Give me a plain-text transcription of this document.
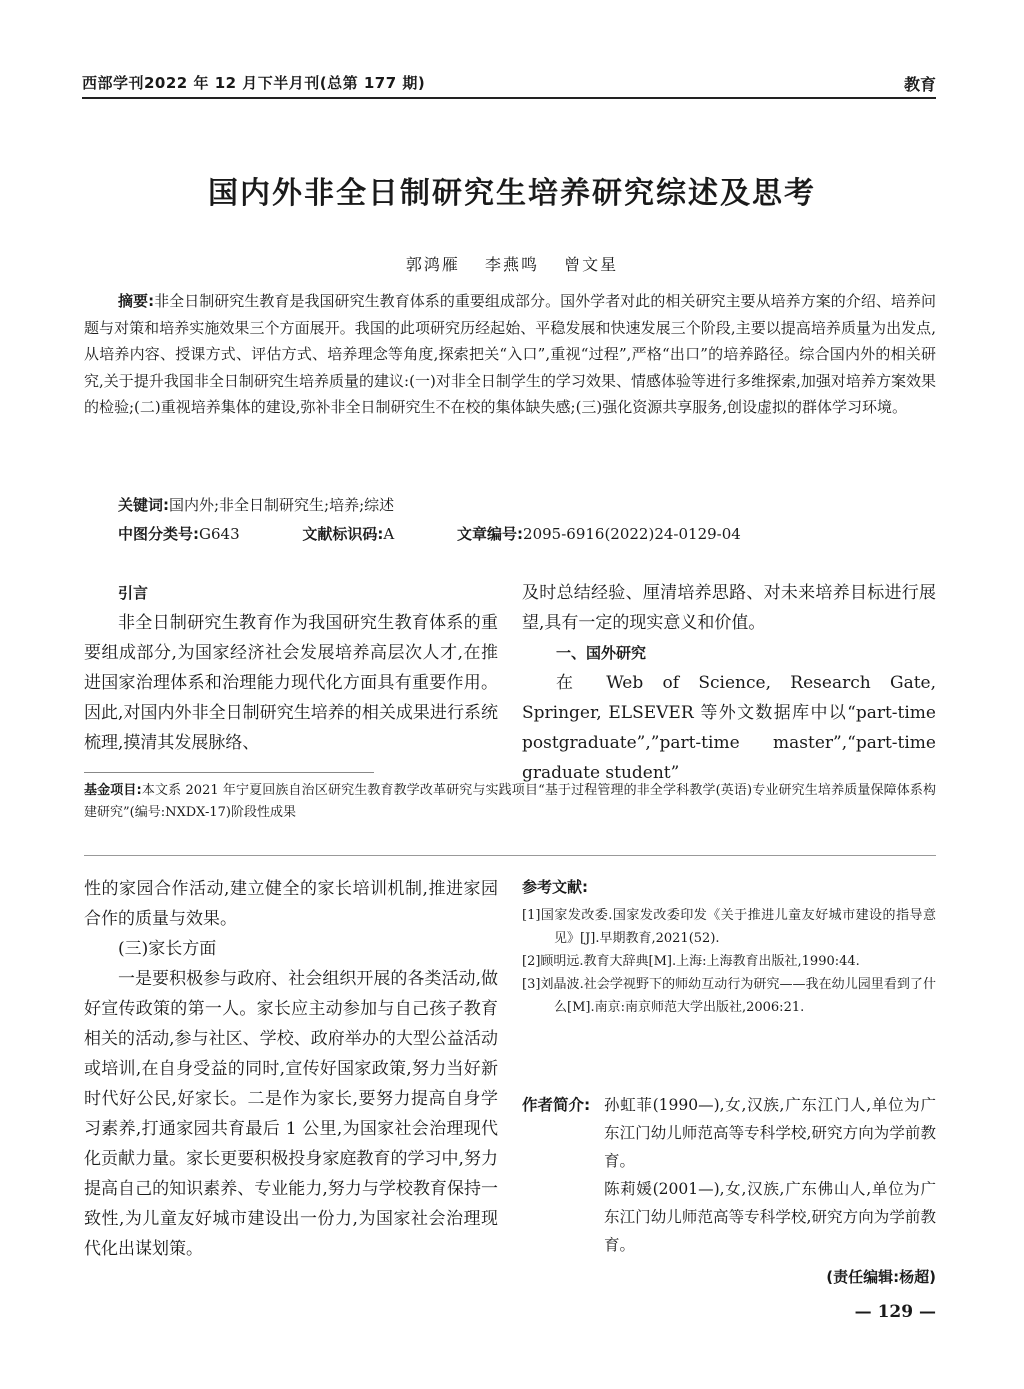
西部学刊2022 年 12 月下半月刊(总第 177 期)	教育
国内外非全日制研究生培养研究综述及思考
郭鸿雁 李燕鸣 曾文星
摘要:非全日制研究生教育是我国研究生教育体系的重要组成部分。国外学者对此的相关研究主要从培养方案的介绍、培养问题与对策和培养实施效果三个方面展开。我国的此项研究历经起始、平稳发展和快速发展三个阶段,主要以提高培养质量为出发点,从培养内容、授课方式、评估方式、培养理念等角度,探索把关“入口”,重视“过程”,严格“出口”的培养路径。综合国内外的相关研究,关于提升我国非全日制研究生培养质量的建议:(一)对非全日制学生的学习效果、情感体验等进行多维探索,加强对培养方案效果的检验;(二)重视培养集体的建设,弥补非全日制研究生不在校的集体缺失感;(三)强化资源共享服务,创设虚拟的群体学习环境。
关键词:国内外;非全日制研究生;培养;综述
中图分类号:G643	文献标识码:A	文章编号:2095-6916(2022)24-0129-04

引言

非全日制研究生教育作为我国研究生教育体系的重要组成部分,为国家经济社会发展培养高层次人才,在推进国家治理体系和治理能力现代化方面具有重要作用。因此,对国内外非全日制研究生培养的相关成果进行系统梳理,摸清其发展脉络、

及时总结经验、厘清培养思路、对未来培养目标进行展望,具有一定的现实意义和价值。

一、国外研究

在 Web of Science, Research Gate, Springer, ELSEVER 等外文数据库中以“part-time postgraduate”,”part-time master”,“part-time graduate student”

基金项目:本文系 2021 年宁夏回族自治区研究生教育教学改革研究与实践项目“基于过程管理的非全学科教学(英语)专业研究生培养质量保障体系构建研究”(编号:NXDX-17)阶段性成果

性的家园合作活动,建立健全的家长培训机制,推进家园合作的质量与效果。

(三)家长方面

一是要积极参与政府、社会组织开展的各类活动,做好宣传政策的第一人。家长应主动参加与自己孩子教育相关的活动,参与社区、学校、政府举办的大型公益活动或培训,在自身受益的同时,宣传好国家政策,努力当好新时代好公民,好家长。二是作为家长,要努力提高自身学习素养,打通家园共育最后 1 公里,为国家社会治理现代化贡献力量。家长更要积极投身家庭教育的学习中,努力提高自己的知识素养、专业能力,努力与学校教育保持一致性,为儿童友好城市建设出一份力,为国家社会治理现代化出谋划策。

参考文献:
[1]国家发改委.国家发改委印发《关于推进儿童友好城市建设的指导意见》[J].早期教育,2021(52).
[2]顾明远.教育大辞典[M].上海:上海教育出版社,1990:44.
[3]刘晶波.社会学视野下的师幼互动行为研究——我在幼儿园里看到了什么[M].南京:南京师范大学出版社,2006:21.
作者简介: 孙虹菲(1990—),女,汉族,广东江门人,单位为广东江门幼儿师范高等专科学校,研究方向为学前教育。

陈莉媛(2001—),女,汉族,广东佛山人,单位为广东江门幼儿师范高等专科学校,研究方向为学前教育。

(责任编辑:杨超)
— 129 —
